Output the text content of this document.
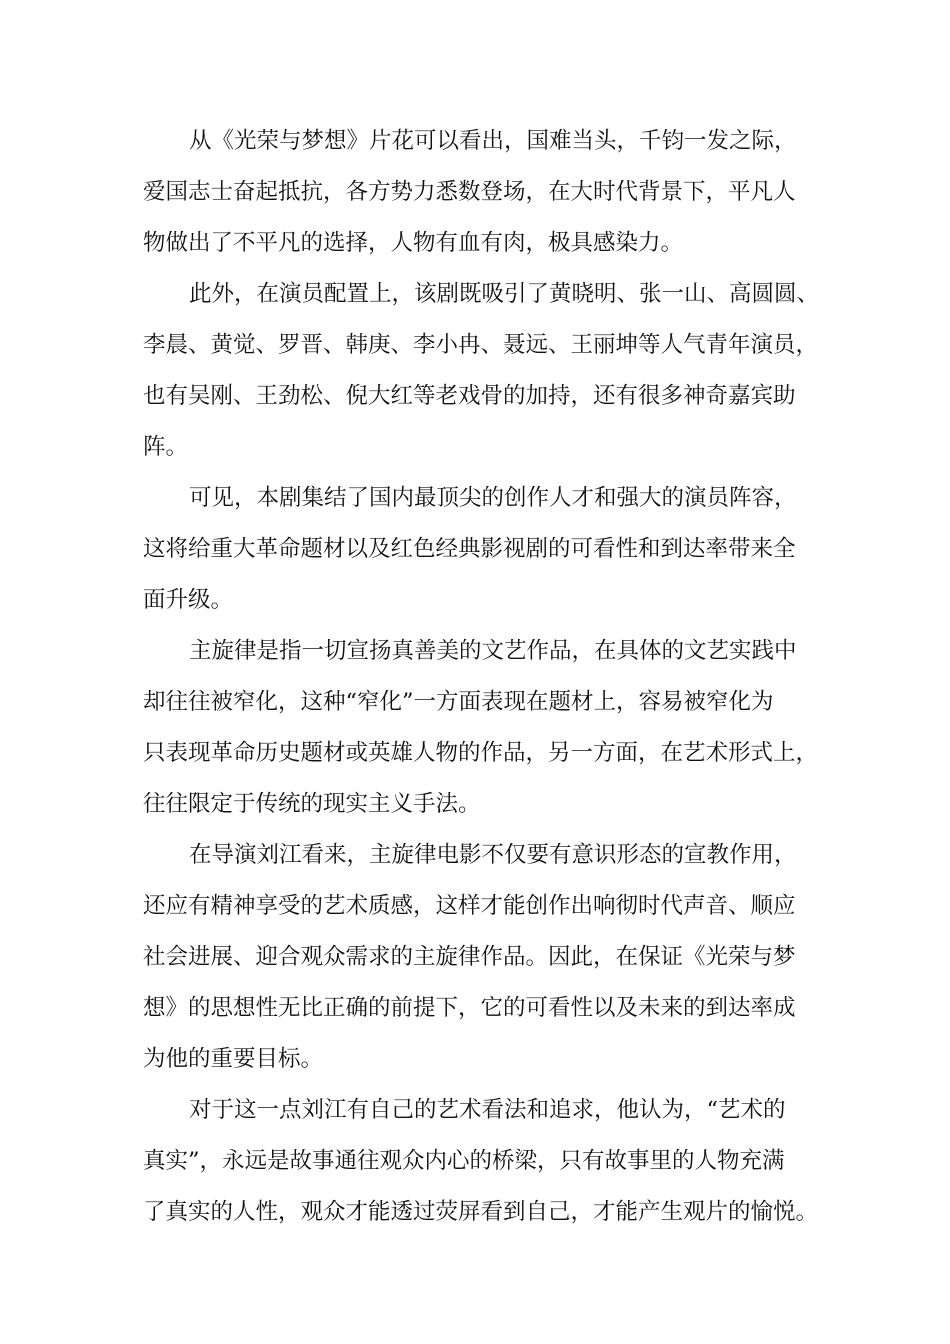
从《光荣与梦想》片花可以看出，国难当头，千钧一发之际，

爱国志士奋起抵抗，各方势力悉数登场，在大时代背景下，平凡人

物做出了不平凡的选择，人物有血有肉，极具感染力。

此外，在演员配置上，该剧既吸引了黄晓明、张一山、高圆圆、

李晨、黄觉、罗晋、韩庚、李小冉、聂远、王丽坤等人气青年演员，

也有吴刚、王劲松、倪大红等老戏骨的加持，还有很多神奇嘉宾助

阵。

可见，本剧集结了国内最顶尖的创作人才和强大的演员阵容，

这将给重大革命题材以及红色经典影视剧的可看性和到达率带来全

面升级。

主旋律是指一切宣扬真善美的文艺作品，在具体的文艺实践中

却往往被窄化，这种“窄化”一方面表现在题材上，容易被窄化为

只表现革命历史题材或英雄人物的作品，另一方面，在艺术形式上，

往往限定于传统的现实主义手法。

在导演刘江看来，主旋律电影不仅要有意识形态的宣教作用，

还应有精神享受的艺术质感，这样才能创作出响彻时代声音、顺应

社会进展、迎合观众需求的主旋律作品。因此，在保证《光荣与梦

想》的思想性无比正确的前提下，它的可看性以及未来的到达率成

为他的重要目标。

对于这一点刘江有自己的艺术看法和追求，他认为，“艺术的

真实”，永远是故事通往观众内心的桥梁，只有故事里的人物充满

了真实的人性，观众才能透过荧屏看到自己，才能产生观片的愉悦。
